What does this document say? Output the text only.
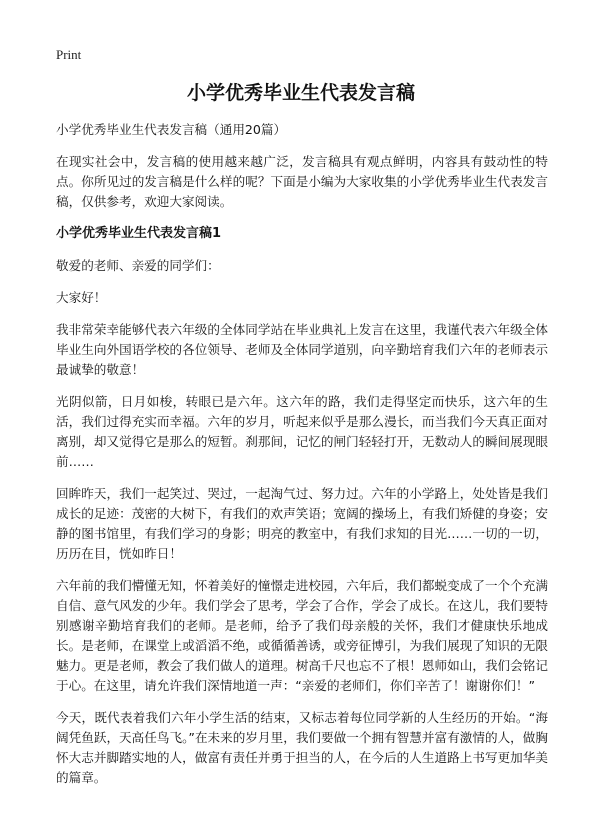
Print
小学优秀毕业生代表发言稿

小学优秀毕业生代表发言稿（通用20篇）

在现实社会中，发言稿的使用越来越广泛，发言稿具有观点鲜明，内容具有鼓动性的特点。你所见过的发言稿是什么样的呢？下面是小编为大家收集的小学优秀毕业生代表发言稿，仅供参考，欢迎大家阅读。

小学优秀毕业生代表发言稿1

敬爱的老师、亲爱的同学们：

大家好！

我非常荣幸能够代表六年级的全体同学站在毕业典礼上发言在这里，我谨代表六年级全体毕业生向外国语学校的各位领导、老师及全体同学道别，向辛勤培育我们六年的老师表示最诚挚的敬意！

光阴似箭，日月如梭，转眼已是六年。这六年的路，我们走得坚定而快乐，这六年的生活，我们过得充实而幸福。六年的岁月，听起来似乎是那么漫长，而当我们今天真正面对离别，却又觉得它是那么的短暂。刹那间，记忆的闸门轻轻打开，无数动人的瞬间展现眼前……

回眸昨天，我们一起笑过、哭过，一起淘气过、努力过。六年的小学路上，处处皆是我们成长的足迹：茂密的大树下，有我们的欢声笑语；宽阔的操场上，有我们矫健的身姿；安静的图书馆里，有我们学习的身影；明亮的教室中，有我们求知的目光……一切的一切，历历在目，恍如昨日！

六年前的我们懵懂无知，怀着美好的憧憬走进校园，六年后，我们都蜕变成了一个个充满自信、意气风发的少年。我们学会了思考，学会了合作，学会了成长。在这儿，我们要特别感谢辛勤培育我们的老师。是老师，给予了我们母亲般的关怀，我们才健康快乐地成长。是老师，在课堂上或滔滔不绝，或循循善诱，或旁征博引，为我们展现了知识的无限魅力。更是老师，教会了我们做人的道理。树高千尺也忘不了根！恩师如山，我们会铭记于心。在这里，请允许我们深情地道一声：“亲爱的老师们，你们辛苦了！谢谢你们！”

今天，既代表着我们六年小学生活的结束，又标志着每位同学新的人生经历的开始。“海阔凭鱼跃，天高任鸟飞。”在未来的岁月里，我们要做一个拥有智慧并富有激情的人，做胸怀大志并脚踏实地的人，做富有责任并勇于担当的人，在今后的人生道路上书写更加华美的篇章。
